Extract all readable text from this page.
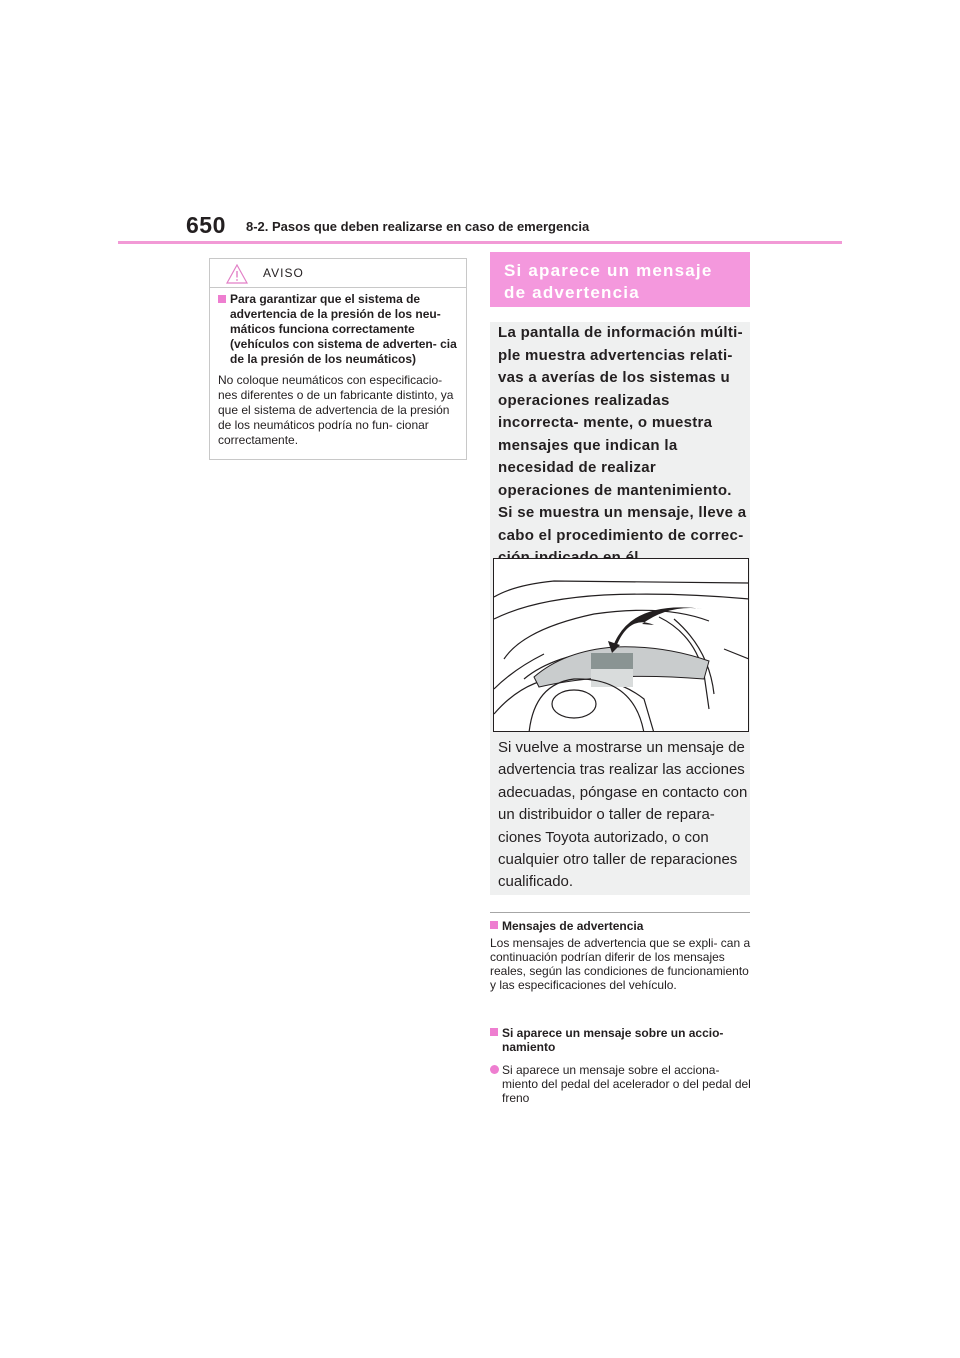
650 8-2. Pasos que deben realizarse en caso de emergencia
AVISO
Para garantizar que el sistema de advertencia de la presión de los neu- máticos funciona correctamente (vehículos con sistema de adverten- cia de la presión de los neumáticos)
No coloque neumáticos con especificacio- nes diferentes o de un fabricante distinto, ya que el sistema de advertencia de la presión de los neumáticos podría no fun- cionar correctamente.
Si aparece un mensaje de advertencia
La pantalla de información múlti- ple muestra advertencias relati- vas a averías de los sistemas u operaciones realizadas incorrecta- mente, o muestra mensajes que indican la necesidad de realizar operaciones de mantenimiento. Si se muestra un mensaje, lleve a cabo el procedimiento de correc-
Si vuelve a mostrarse un mensaje de advertencia tras realizar las acciones adecuadas, póngase en contacto con un distribuidor o taller de repara- ciones Toyota autorizado, o con cualquier otro taller de reparaciones cualificado.
Mensajes de advertencia
Los mensajes de advertencia que se expli- can a continuación podrían diferir de los mensajes reales, según las condiciones de funcionamiento y las especificaciones del vehículo.
Si aparece un mensaje sobre un accio- namiento
Si aparece un mensaje sobre el acciona- miento del pedal del acelerador o del pedal del freno
